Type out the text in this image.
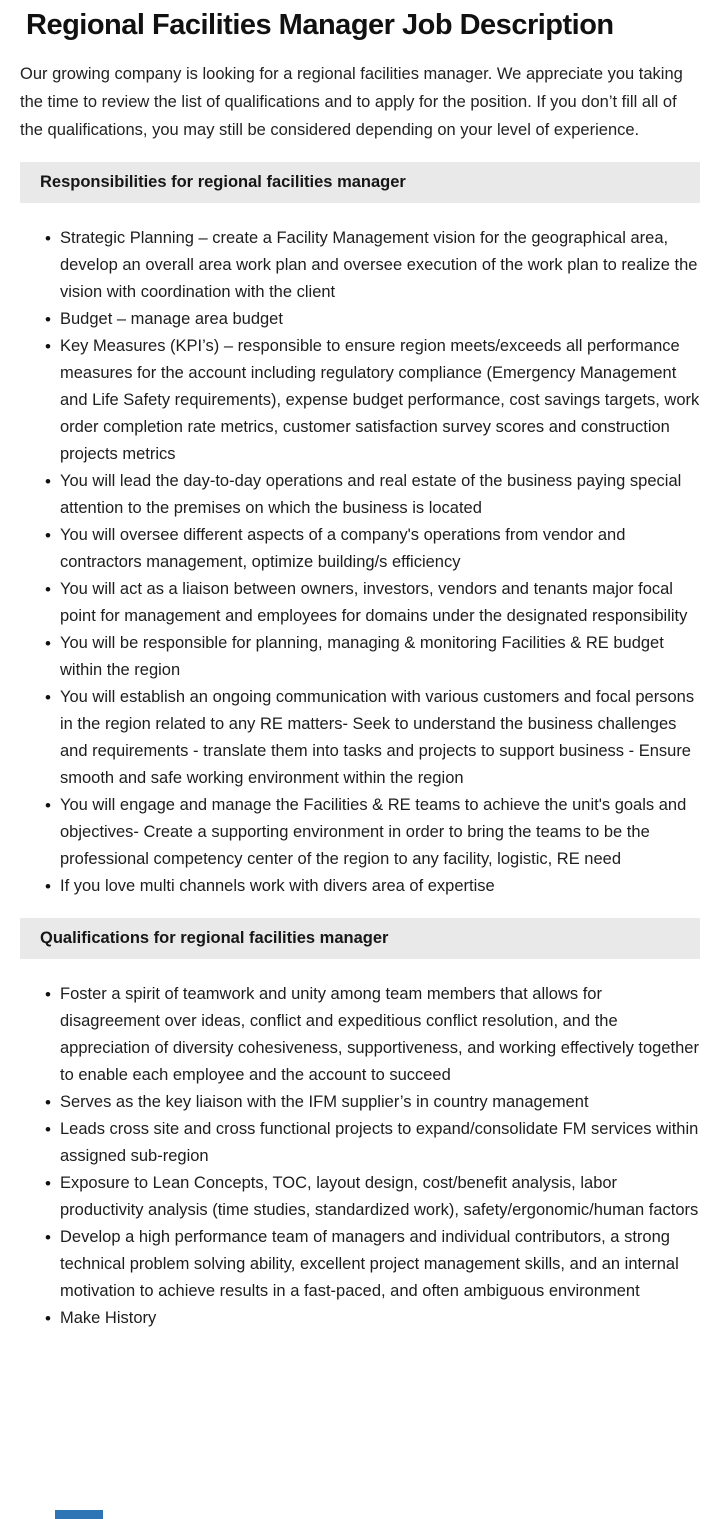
Regional Facilities Manager Job Description

Our growing company is looking for a regional facilities manager. We appreciate you taking the time to review the list of qualifications and to apply for the position. If you don’t fill all of the qualifications, you may still be considered depending on your level of experience.

Responsibilities for regional facilities manager
• Strategic Planning – create a Facility Management vision for the geographical area, develop an overall area work plan and oversee execution of the work plan to realize the vision with coordination with the client
• Budget – manage area budget
• Key Measures (KPI’s) – responsible to ensure region meets/exceeds all performance measures for the account including regulatory compliance (Emergency Management and Life Safety requirements), expense budget performance, cost savings targets, work order completion rate metrics, customer satisfaction survey scores and construction projects metrics
• You will lead the day-to-day operations and real estate of the business paying special attention to the premises on which the business is located
• You will oversee different aspects of a company's operations from vendor and contractors management, optimize building/s efficiency
• You will act as a liaison between owners, investors, vendors and tenants major focal point for management and employees for domains under the designated responsibility
• You will be responsible for planning, managing & monitoring Facilities & RE budget within the region
• You will establish an ongoing communication with various customers and focal persons in the region related to any RE matters- Seek to understand the business challenges and requirements - translate them into tasks and projects to support business - Ensure smooth and safe working environment within the region
• You will engage and manage the Facilities & RE teams to achieve the unit's goals and objectives- Create a supporting environment in order to bring the teams to be the professional competency center of the region to any facility, logistic, RE need
• If you love multi channels work with divers area of expertise
Qualifications for regional facilities manager
• Foster a spirit of teamwork and unity among team members that allows for disagreement over ideas, conflict and expeditious conflict resolution, and the appreciation of diversity cohesiveness, supportiveness, and working effectively together to enable each employee and the account to succeed
• Serves as the key liaison with the IFM supplier’s in country management
• Leads cross site and cross functional projects to expand/consolidate FM services within assigned sub-region
• Exposure to Lean Concepts, TOC, layout design, cost/benefit analysis, labor productivity analysis (time studies, standardized work), safety/ergonomic/human factors
• Develop a high performance team of managers and individual contributors, a strong technical problem solving ability, excellent project management skills, and an internal motivation to achieve results in a fast-paced, and often ambiguous environment
• Make History
